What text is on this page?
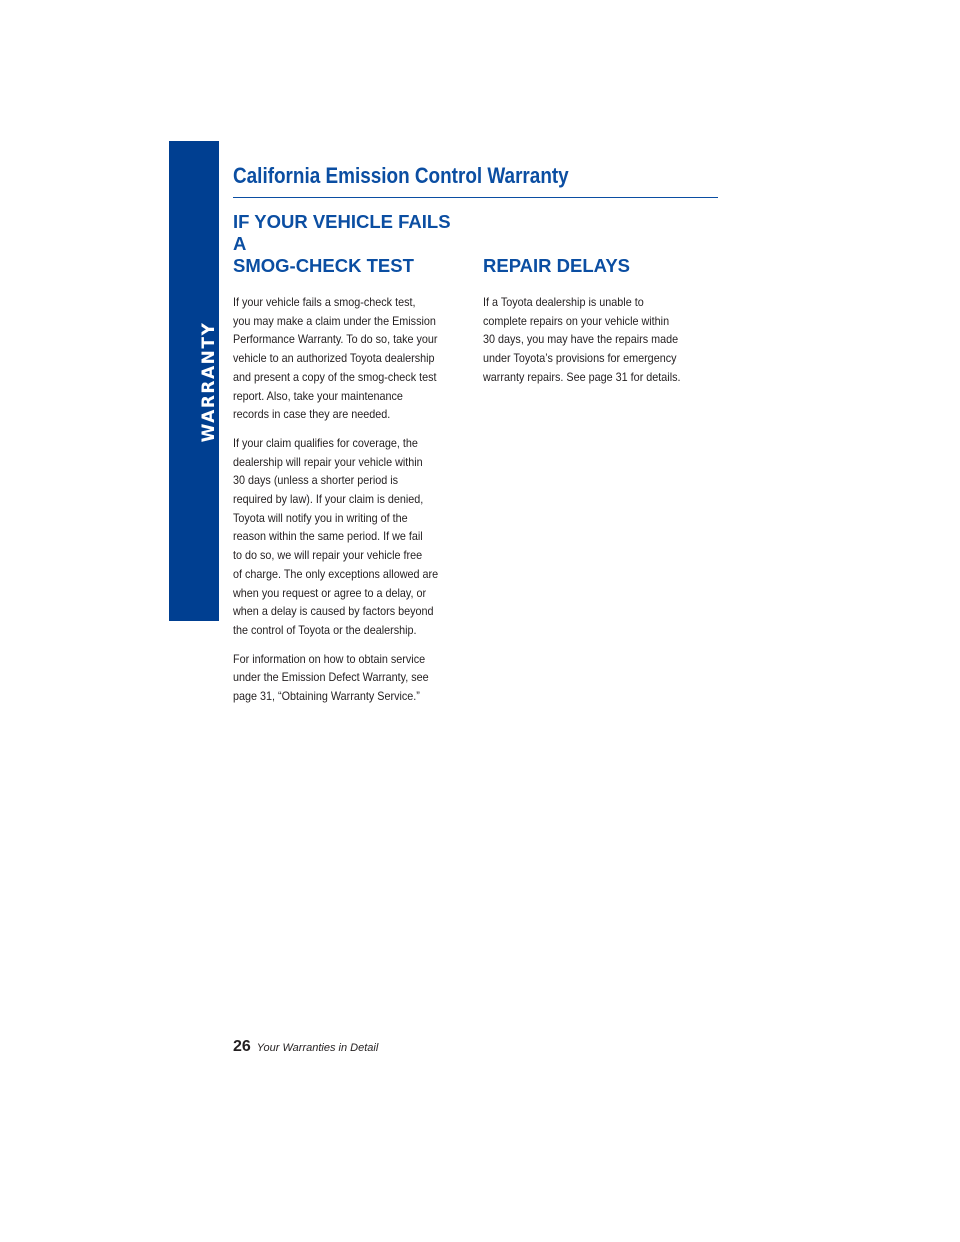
WARRANTY
California Emission Control Warranty
IF YOUR VEHICLE FAILS A
SMOG-CHECK TEST

If your vehicle fails a smog-check test,
you may make a claim under the Emission
Performance Warranty. To do so, take your
vehicle to an authorized Toyota dealership
and present a copy of the smog-check test
report. Also, take your maintenance
records in case they are needed.

If your claim qualifies for coverage, the
dealership will repair your vehicle within
30 days (unless a shorter period is
required by law). If your claim is denied,
Toyota will notify you in writing of the
reason within the same period. If we fail
to do so, we will repair your vehicle free
of charge. The only exceptions allowed are
when you request or agree to a delay, or
when a delay is caused by factors beyond
the control of Toyota or the dealership.

For information on how to obtain service
under the Emission Defect Warranty, see
page 31, “Obtaining Warranty Service.”

REPAIR DELAYS

If a Toyota dealership is unable to
complete repairs on your vehicle within
30 days, you may have the repairs made
under Toyota’s provisions for emergency
warranty repairs. See page 31 for details.

26 Your Warranties in Detail
